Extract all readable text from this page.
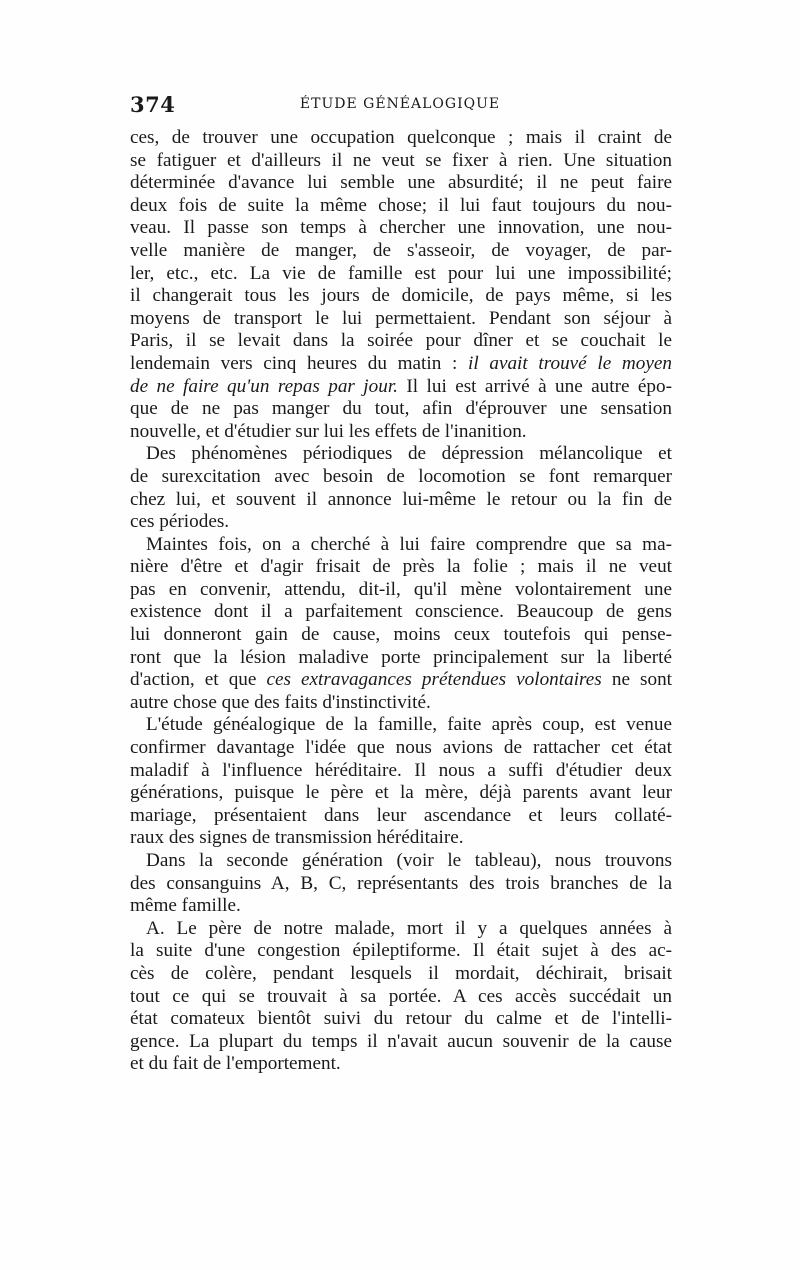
374	ÉTUDE GÉNÉALOGIQUE
ces, de trouver une occupation quelconque ; mais il craint de
se fatiguer et d'ailleurs il ne veut se fixer à rien. Une situation
déterminée d'avance lui semble une absurdité; il ne peut faire
deux fois de suite la même chose; il lui faut toujours du nou-
veau. Il passe son temps à chercher une innovation, une nou-
velle manière de manger, de s'asseoir, de voyager, de par-
ler, etc., etc. La vie de famille est pour lui une impossibilité;
il changerait tous les jours de domicile, de pays même, si les
moyens de transport le lui permettaient. Pendant son séjour à
Paris, il se levait dans la soirée pour dîner et se couchait le
lendemain vers cinq heures du matin : il avait trouvé le moyen
de ne faire qu'un repas par jour. Il lui est arrivé à une autre épo-
que de ne pas manger du tout, afin d'éprouver une sensation
nouvelle, et d'étudier sur lui les effets de l'inanition.
Des phénomènes périodiques de dépression mélancolique et
de surexcitation avec besoin de locomotion se font remarquer
chez lui, et souvent il annonce lui-même le retour ou la fin de
ces périodes.
Maintes fois, on a cherché à lui faire comprendre que sa ma-
nière d'être et d'agir frisait de près la folie ; mais il ne veut
pas en convenir, attendu, dit-il, qu'il mène volontairement une
existence dont il a parfaitement conscience. Beaucoup de gens
lui donneront gain de cause, moins ceux toutefois qui pense-
ront que la lésion maladive porte principalement sur la liberté
d'action, et que ces extravagances prétendues volontaires ne sont
autre chose que des faits d'instinctivité.
L'étude généalogique de la famille, faite après coup, est venue
confirmer davantage l'idée que nous avions de rattacher cet état
maladif à l'influence héréditaire. Il nous a suffi d'étudier deux
générations, puisque le père et la mère, déjà parents avant leur
mariage, présentaient dans leur ascendance et leurs collaté-
raux des signes de transmission héréditaire.
Dans la seconde génération (voir le tableau), nous trouvons
des consanguins A, B, C, représentants des trois branches de la
même famille.
A. Le père de notre malade, mort il y a quelques années à
la suite d'une congestion épileptiforme. Il était sujet à des ac-
cès de colère, pendant lesquels il mordait, déchirait, brisait
tout ce qui se trouvait à sa portée. A ces accès succédait un
état comateux bientôt suivi du retour du calme et de l'intelli-
gence. La plupart du temps il n'avait aucun souvenir de la cause
et du fait de l'emportement.
